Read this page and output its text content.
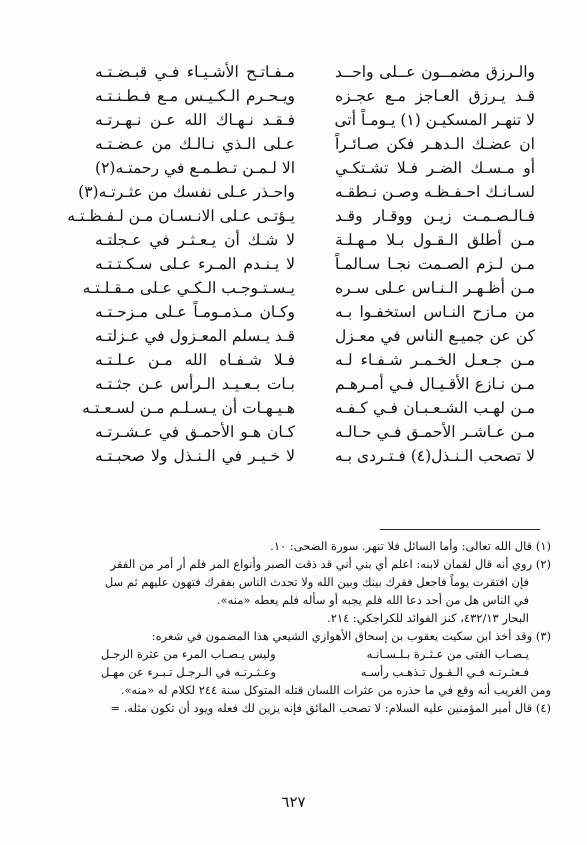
والـرزق مضمــون عــلى واحــد
قـد يـرزق العـاجز مـع عجـزه
لا تنهـر المسكيـن (١) يـومـاً أتى
ان عضـك الـدهـر فكن صـائـراً
أو مـسـك الضـر فـلا تشـتكـي
لسـانـك احـفـظـه وصـن نـطقـه
فـالـصـمـت زيـن ووقـار وقـد
مـن أطلق الـقـول بـلا مـهـلـة
مـن لـزم الصـمت نجـا سـالمـاً
مـن أظـهـر الـنـاس عـلى سـره
من مـازح النـاس استخفـوا بـه
كن عن جميـع الناس في معـزل
مـن جـعـل الخـمـر شـفـاء لـه
مـن نـازع الأقـيـال فـي أمـرهـم
مـن لهـب الشـعـبـان فـي كـفـه
مـن عـاشـر الأحمـق فـي حـالـه
لا تصحب الـنـذل(٤) فـتـردى بـه
مـفـاتـح الأشـيـاء فـي قبـضـتـه
ويـحـرم الـكـيـس مـع فـطـنـتـه
فـقـد نـهـاك الله عـن نـهـرتـه
عـلى الـذي نـالـك من عـضـتـه
الا لـمـن تـطـمـع في رحمتـه(٢)
واحـذر عـلى نفسك من عثـرتـه(٣)
يـؤتـى عـلى الانـسـان مـن لـفـظـتـه
لا شـك أن يـعـثـر في عـجلتـه
لا يـنـدم المـرء عـلى سـكـتـتـه
يـسـتـوجـب الـكـي عـلى مـقـلـتـه
وكـان مـذمـومـاً عـلى مـزحـتـه
قـد يـسلم المعـزول في عـزلتـه
فـلا شـفـاه الله مـن عـلـتـه
بـات بـعـيـد الـرأس عـن جثـتـه
هـيـهـات أن يـسـلـم مـن لسـعـتـه
كـان هـو الأحمـق في عـشـرتـه
لا خـيـر في الـنـذل ولا صحبـتـه
(١) قال الله تعالى: وأما السائل فلا تنهر. سورة الضحى: ١٠.
(٢) روي أنه قال لقمان لابنه: اعلم أي بني أني قد ذقت الصبر وأنواع المر فلم أر أمر من الفقر
فإن افتقرت يوماً فاجعل فقرك بينك وبين الله ولا تحدث الناس بفقرك فتهون عليهم ثم سل
في الناس هل من أحد دعا الله فلم يجبه أو سأله فلم يعطه «منه».
البحار ٤٣٢/١٣، كنز الفوائد للكراجكي: ٢١٤.
(٣) وقد أخذ ابن سكيت يعقوب بن إسحاق الأهوازي الشيعي هذا المضمون في شعره:
يـصـاب الفتى من عـثـرة بـلـسـانـه
وليس يـصـاب المرء من عثرة الرجـل
فـعثـرتـه فـي الـقـول تـذهـب رأسـه
وعـثـرتـه في الـرجـل تـبـرء عن مهـل
ومن الغريب أنه وقع في ما حذره من عثرات اللسان قتله المتوكل سنة ٢٤٤ لكلام له «منه».
(٤) قال أمير المؤمنين عليه السلام: لا تصحب المائق فإنه يزين لك فعله ويود أن تكون مثله. =
٦٢٧
